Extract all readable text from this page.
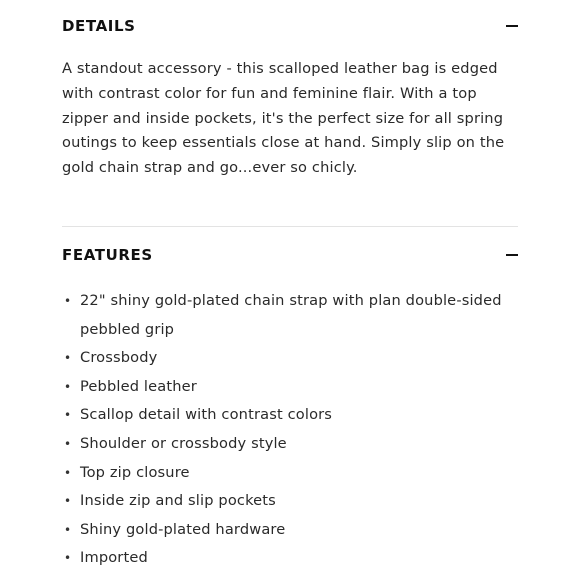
DETAILS
A standout accessory - this scalloped leather bag is edged with contrast color for fun and feminine flair. With a top zipper and inside pockets, it's the perfect size for all spring outings to keep essentials close at hand. Simply slip on the gold chain strap and go...ever so chicly.
FEATURES
• 22" shiny gold-plated chain strap with plan double-sided pebbled grip
• Crossbody
• Pebbled leather
• Scallop detail with contrast colors
• Shoulder or crossbody style
• Top zip closure
• Inside zip and slip pockets
• Shiny gold-plated hardware
• Imported
